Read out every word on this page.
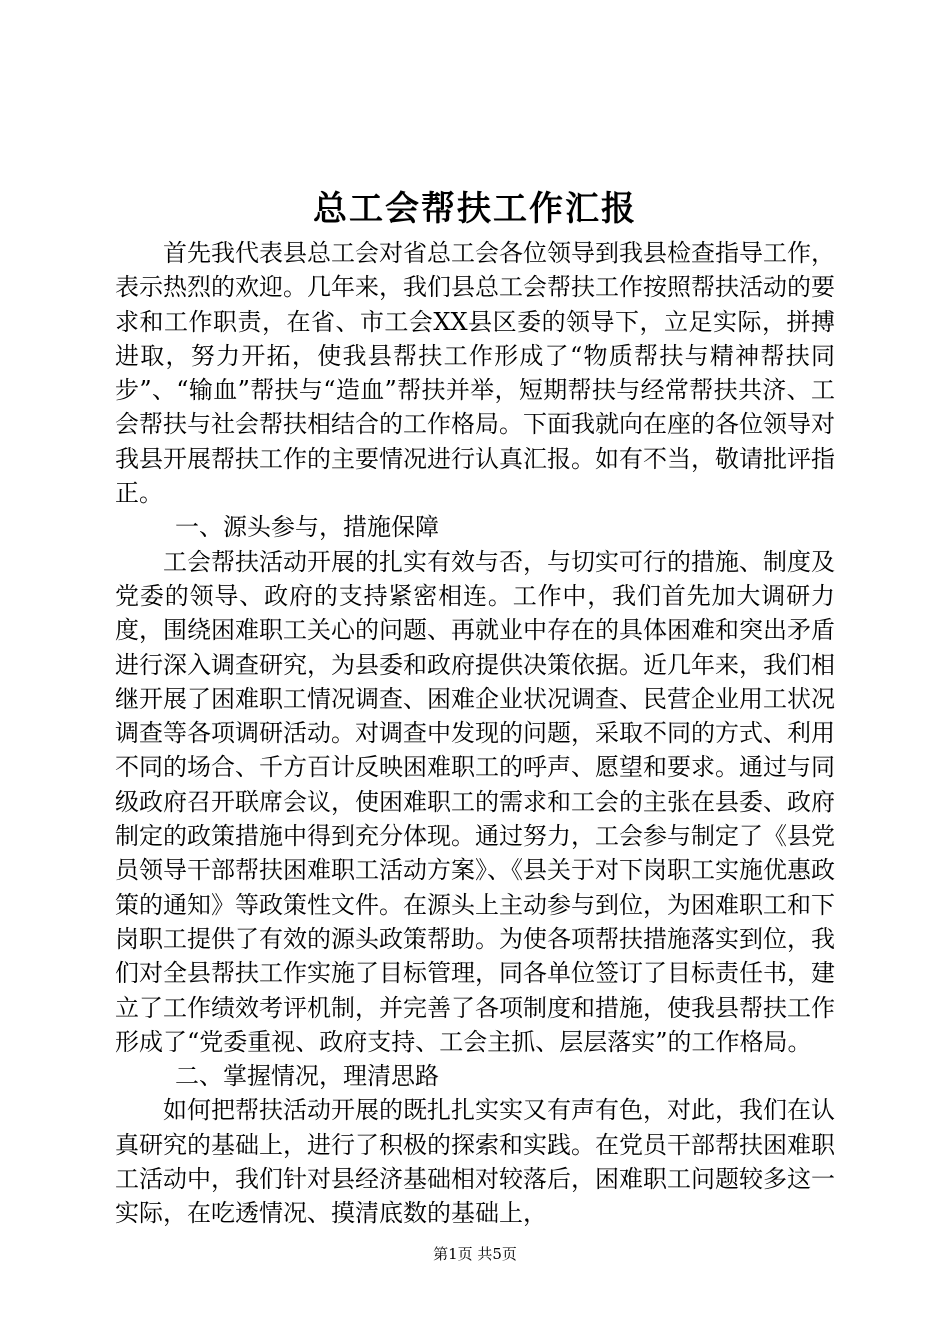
总工会帮扶工作汇报

首先我代表县总工会对省总工会各位领导到我县检查指导工作，表示热烈的欢迎。几年来，我们县总工会帮扶工作按照帮扶活动的要求和工作职责，在省、市工会XX县区委的领导下，立足实际，拼搏进取，努力开拓，使我县帮扶工作形成了“物质帮扶与精神帮扶同步”、“输血”帮扶与“造血”帮扶并举，短期帮扶与经常帮扶共济、工会帮扶与社会帮扶相结合的工作格局。下面我就向在座的各位领导对我县开展帮扶工作的主要情况进行认真汇报。如有不当，敬请批评指正。

一、源头参与，措施保障

工会帮扶活动开展的扎实有效与否，与切实可行的措施、制度及党委的领导、政府的支持紧密相连。工作中，我们首先加大调研力度，围绕困难职工关心的问题、再就业中存在的具体困难和突出矛盾进行深入调查研究，为县委和政府提供决策依据。近几年来，我们相继开展了困难职工情况调查、困难企业状况调查、民营企业用工状况调查等各项调研活动。对调查中发现的问题，采取不同的方式、利用不同的场合、千方百计反映困难职工的呼声、愿望和要求。通过与同级政府召开联席会议，使困难职工的需求和工会的主张在县委、政府制定的政策措施中得到充分体现。通过努力，工会参与制定了《县党员领导干部帮扶困难职工活动方案》、《县关于对下岗职工实施优惠政策的通知》等政策性文件。在源头上主动参与到位，为困难职工和下岗职工提供了有效的源头政策帮助。为使各项帮扶措施落实到位，我们对全县帮扶工作实施了目标管理，同各单位签订了目标责任书，建立了工作绩效考评机制，并完善了各项制度和措施，使我县帮扶工作形成了“党委重视、政府支持、工会主抓、层层落实”的工作格局。

二、掌握情况，理清思路

如何把帮扶活动开展的既扎扎实实又有声有色，对此，我们在认真研究的基础上，进行了积极的探索和实践。在党员干部帮扶困难职工活动中，我们针对县经济基础相对较落后，困难职工问题较多这一实际，在吃透情况、摸清底数的基础上，

第1页 共5页
